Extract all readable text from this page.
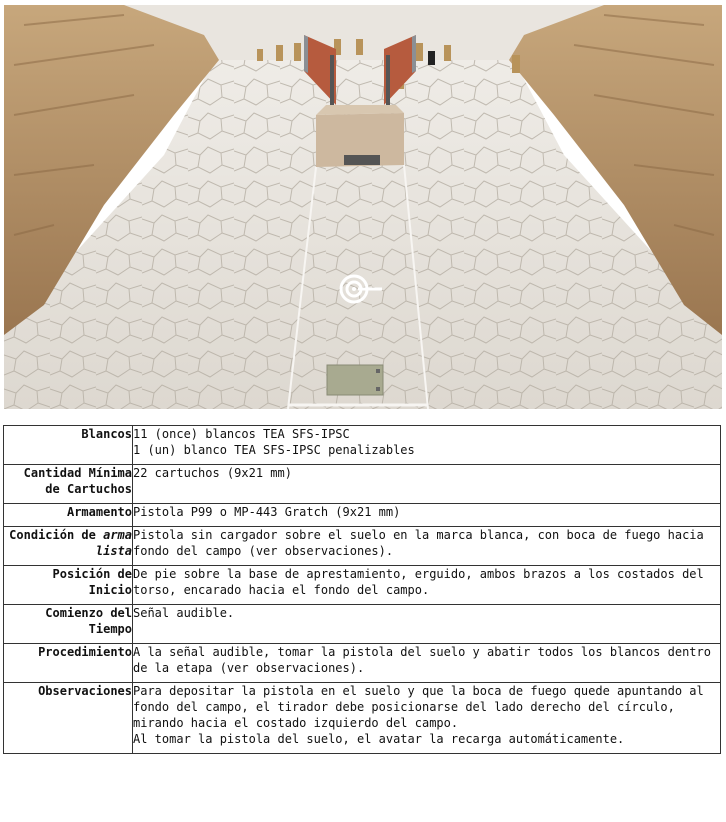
Blancos	11 (once) blancos TEA SFS-IPSC
1 (un) blanco TEA SFS-IPSC penalizables

Cantidad Mínima
de Cartuchos	22 cartuchos (9x21 mm)

Armamento	Pistola P99 o MP-443 Gratch (9x21 mm)

Condición de arma
lista	Pistola sin cargador sobre el suelo en la marca blanca, con boca de fuego hacia
fondo del campo (ver observaciones).

Posición de
Inicio	De pie sobre la base de aprestamiento, erguido, ambos brazos a los costados del
torso, encarado hacia el fondo del campo.

Comienzo del
Tiempo	Señal audible.

Procedimiento	A la señal audible, tomar la pistola del suelo y abatir todos los blancos dentro
de la etapa (ver observaciones).

Observaciones	Para depositar la pistola en el suelo y que la boca de fuego quede apuntando al
fondo del campo, el tirador debe posicionarse del lado derecho del círculo,
mirando hacia el costado izquierdo del campo.
Al tomar la pistola del suelo, el avatar la recarga automáticamente.
